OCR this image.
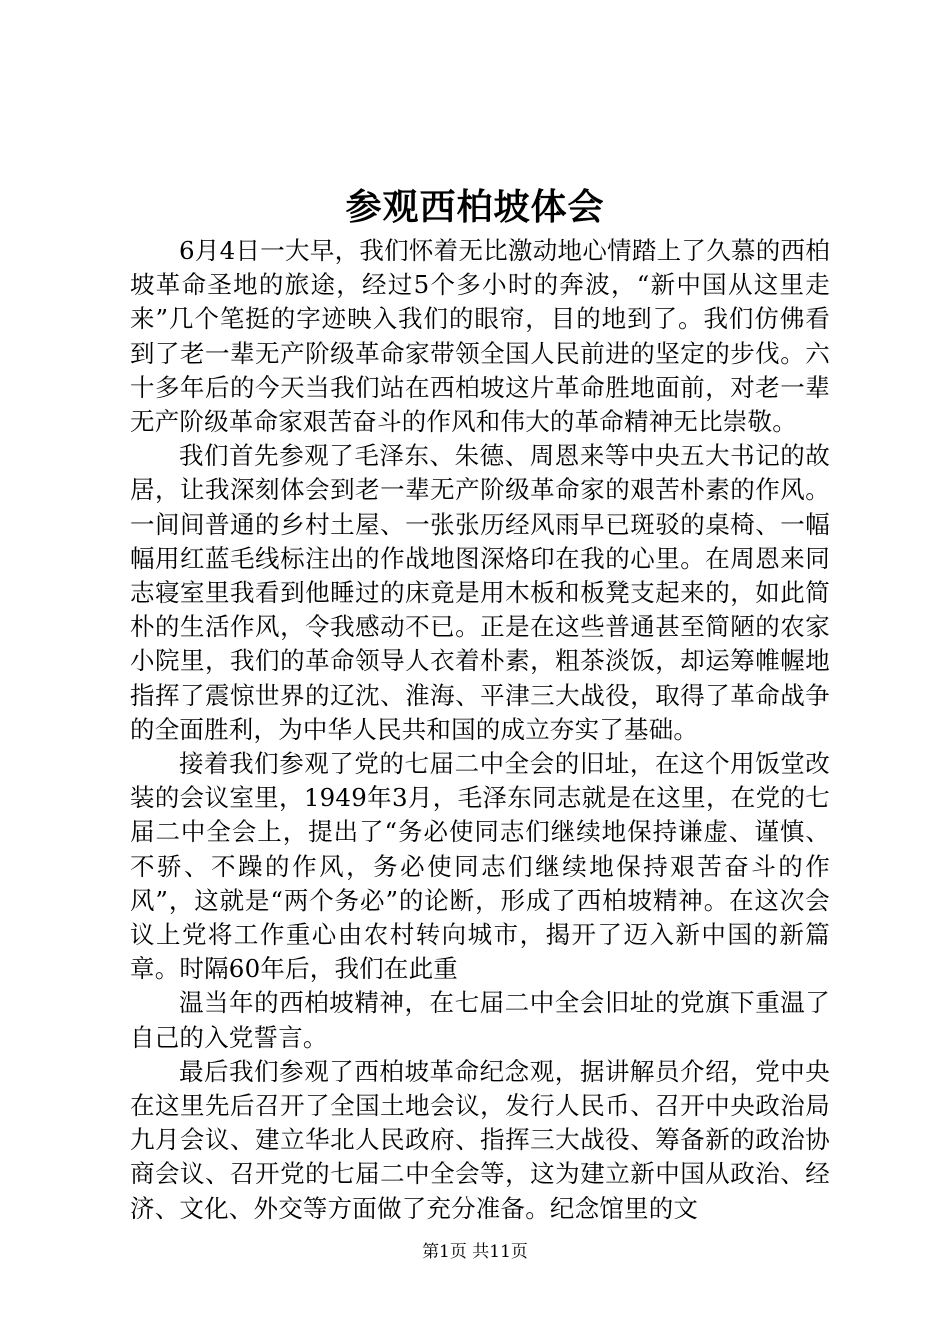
参观西柏坡体会

6月4日一大早，我们怀着无比激动地心情踏上了久慕的西柏坡革命圣地的旅途，经过5个多小时的奔波，“新中国从这里走来”几个笔挺的字迹映入我们的眼帘，目的地到了。我们仿佛看到了老一辈无产阶级革命家带领全国人民前进的坚定的步伐。六十多年后的今天当我们站在西柏坡这片革命胜地面前，对老一辈无产阶级革命家艰苦奋斗的作风和伟大的革命精神无比崇敬。

我们首先参观了毛泽东、朱德、周恩来等中央五大书记的故居，让我深刻体会到老一辈无产阶级革命家的艰苦朴素的作风。一间间普通的乡村土屋、一张张历经风雨早已斑驳的桌椅、一幅幅用红蓝毛线标注出的作战地图深烙印在我的心里。在周恩来同志寝室里我看到他睡过的床竟是用木板和板凳支起来的，如此简朴的生活作风，令我感动不已。正是在这些普通甚至简陋的农家小院里，我们的革命领导人衣着朴素，粗茶淡饭，却运筹帷幄地指挥了震惊世界的辽沈、淮海、平津三大战役，取得了革命战争的全面胜利，为中华人民共和国的成立夯实了基础。

接着我们参观了党的七届二中全会的旧址，在这个用饭堂改装的会议室里，1949年3月，毛泽东同志就是在这里，在党的七届二中全会上，提出了“务必使同志们继续地保持谦虚、谨慎、不骄、不躁的作风，务必使同志们继续地保持艰苦奋斗的作风”，这就是“两个务必”的论断，形成了西柏坡精神。在这次会议上党将工作重心由农村转向城市，揭开了迈入新中国的新篇章。时隔60年后，我们在此重

温当年的西柏坡精神，在七届二中全会旧址的党旗下重温了自己的入党誓言。

最后我们参观了西柏坡革命纪念观，据讲解员介绍，党中央在这里先后召开了全国土地会议，发行人民币、召开中央政治局九月会议、建立华北人民政府、指挥三大战役、筹备新的政治协商会议、召开党的七届二中全会等，这为建立新中国从政治、经济、文化、外交等方面做了充分准备。纪念馆里的文

第1页 共11页
